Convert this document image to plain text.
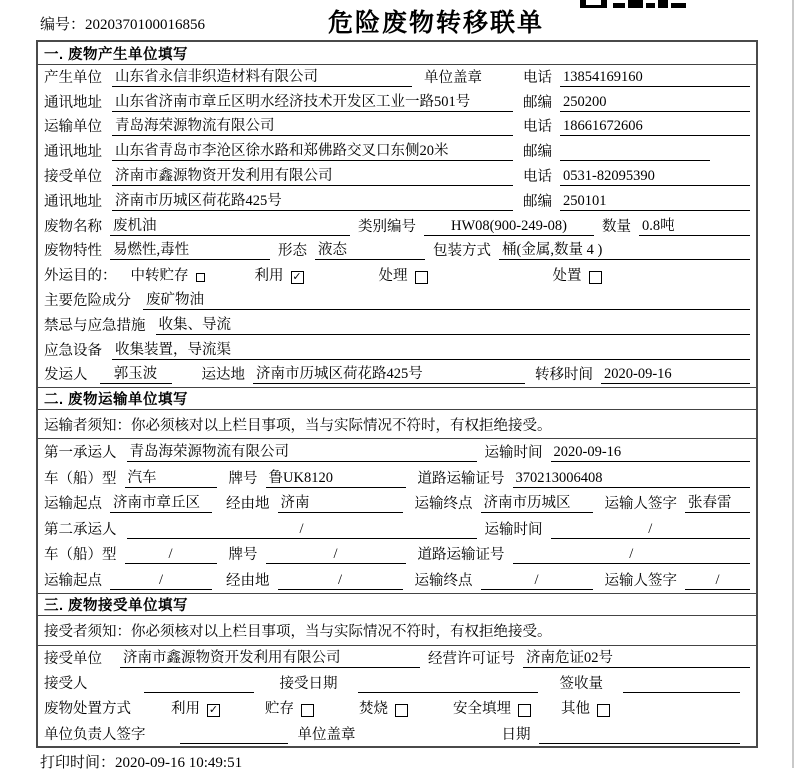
编号：2020370100016856	危险废物转移联单
一. 废物产生单位填写
产生单位 山东省永信非织造材料有限公司	单位盖章	电话 13854169160
通讯地址 山东省济南市章丘区明水经济技术开发区工业一路501号	邮编 250200
运输单位 青岛海荣源物流有限公司	电话 18661672606
通讯地址 山东省青岛市李沧区徐水路和郑佛路交叉口东侧20米	邮编
接受单位 济南市鑫源物资开发利用有限公司	电话 0531-82095390
通讯地址 济南市历城区荷花路425号	邮编 250101
废物名称 废机油	类别编号	HW08(900-249-08)	数量 0.8吨
废物特性 易燃性,毒性	形态 液态	包装方式 桶(金属,数量 4 )
外运目的： 中转贮存	利用 ✓	处理	处置
主要危险成分 废矿物油
禁忌与应急措施 收集、导流
应急设备 收集装置，导流渠
发运人	郭玉波	运达地 济南市历城区荷花路425号	转移时间 2020-09-16
二. 废物运输单位填写
运输者须知：你必须核对以上栏目事项，当与实际情况不符时，有权拒绝接受。
第一承运人 青岛海荣源物流有限公司	运输时间 2020-09-16
车（船）型 汽车	牌号 鲁UK8120	道路运输证号 370213006408
运输起点 济南市章丘区	经由地 济南	运输终点 济南市历城区	运输人签字 张春雷
第二承运人	/	运输时间	/
车（船）型	/	牌号	/	道路运输证号	/
运输起点	/	经由地	/	运输终点	/	运输人签字	/
三. 废物接受单位填写
接受者须知：你必须核对以上栏目事项，当与实际情况不符时，有权拒绝接受。
接受单位 济南市鑫源物资开发利用有限公司	经营许可证号 济南危证02号
接受人	接受日期	签收量
废物处置方式	利用 ✓	贮存	焚烧	安全填埋	其他
单位负责人签字	单位盖章	日期
打印时间：2020-09-16 10:49:51
